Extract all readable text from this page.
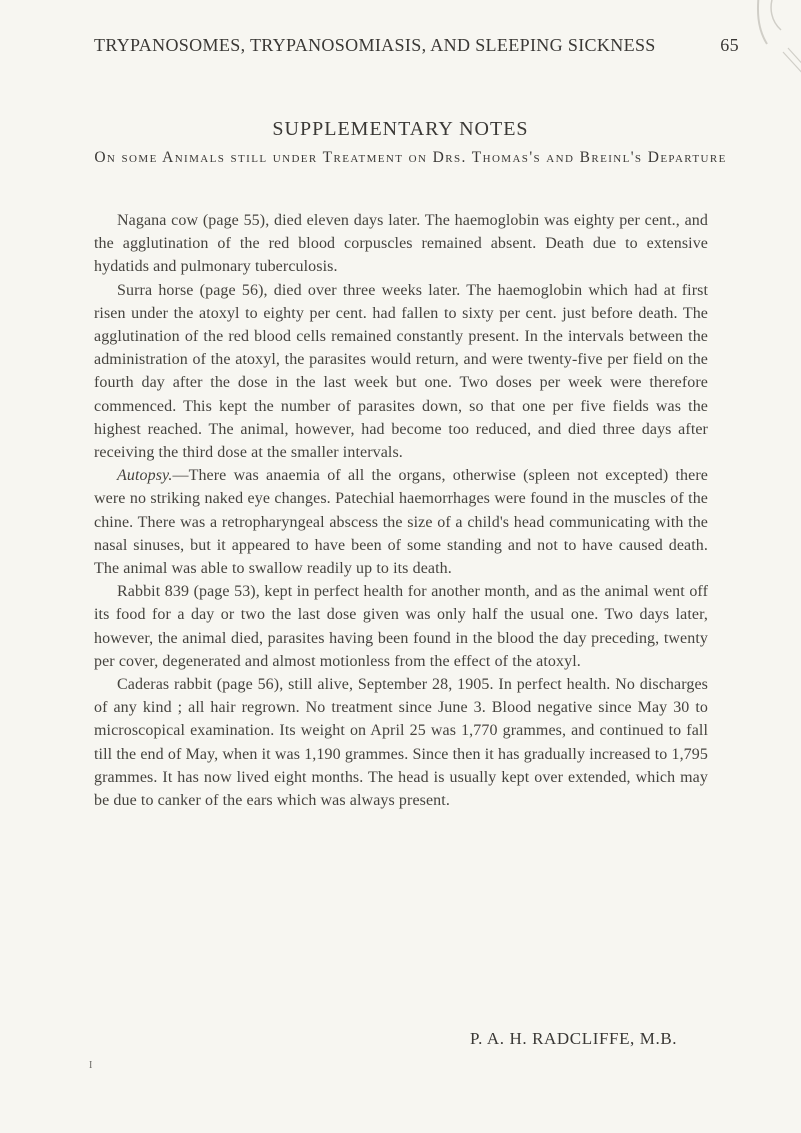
TRYPANOSOMES, TRYPANOSOMIASIS, AND SLEEPING SICKNESS	65
SUPPLEMENTARY NOTES
On some Animals still under Treatment on Drs. Thomas's and Breinl's Departure

Nagana cow (page 55), died eleven days later. The haemoglobin was eighty per cent., and the agglutination of the red blood corpuscles remained absent. Death due to extensive hydatids and pulmonary tuberculosis.

Surra horse (page 56), died over three weeks later. The haemoglobin which had at first risen under the atoxyl to eighty per cent. had fallen to sixty per cent. just before death. The agglutination of the red blood cells remained constantly present. In the intervals between the administration of the atoxyl, the parasites would return, and were twenty-five per field on the fourth day after the dose in the last week but one. Two doses per week were therefore commenced. This kept the number of parasites down, so that one per five fields was the highest reached. The animal, however, had become too reduced, and died three days after receiving the third dose at the smaller intervals.

Autopsy.—There was anaemia of all the organs, otherwise (spleen not excepted) there were no striking naked eye changes. Patechial haemorrhages were found in the muscles of the chine. There was a retropharyngeal abscess the size of a child's head communicating with the nasal sinuses, but it appeared to have been of some standing and not to have caused death. The animal was able to swallow readily up to its death.

Rabbit 839 (page 53), kept in perfect health for another month, and as the animal went off its food for a day or two the last dose given was only half the usual one. Two days later, however, the animal died, parasites having been found in the blood the day preceding, twenty per cover, degenerated and almost motionless from the effect of the atoxyl.

Caderas rabbit (page 56), still alive, September 28, 1905. In perfect health. No discharges of any kind ; all hair regrown. No treatment since June 3. Blood negative since May 30 to microscopical examination. Its weight on April 25 was 1,770 grammes, and continued to fall till the end of May, when it was 1,190 grammes. Since then it has gradually increased to 1,795 grammes. It has now lived eight months. The head is usually kept over extended, which may be due to canker of the ears which was always present.

P. A. H. RADCLIFFE, M.B.
I
